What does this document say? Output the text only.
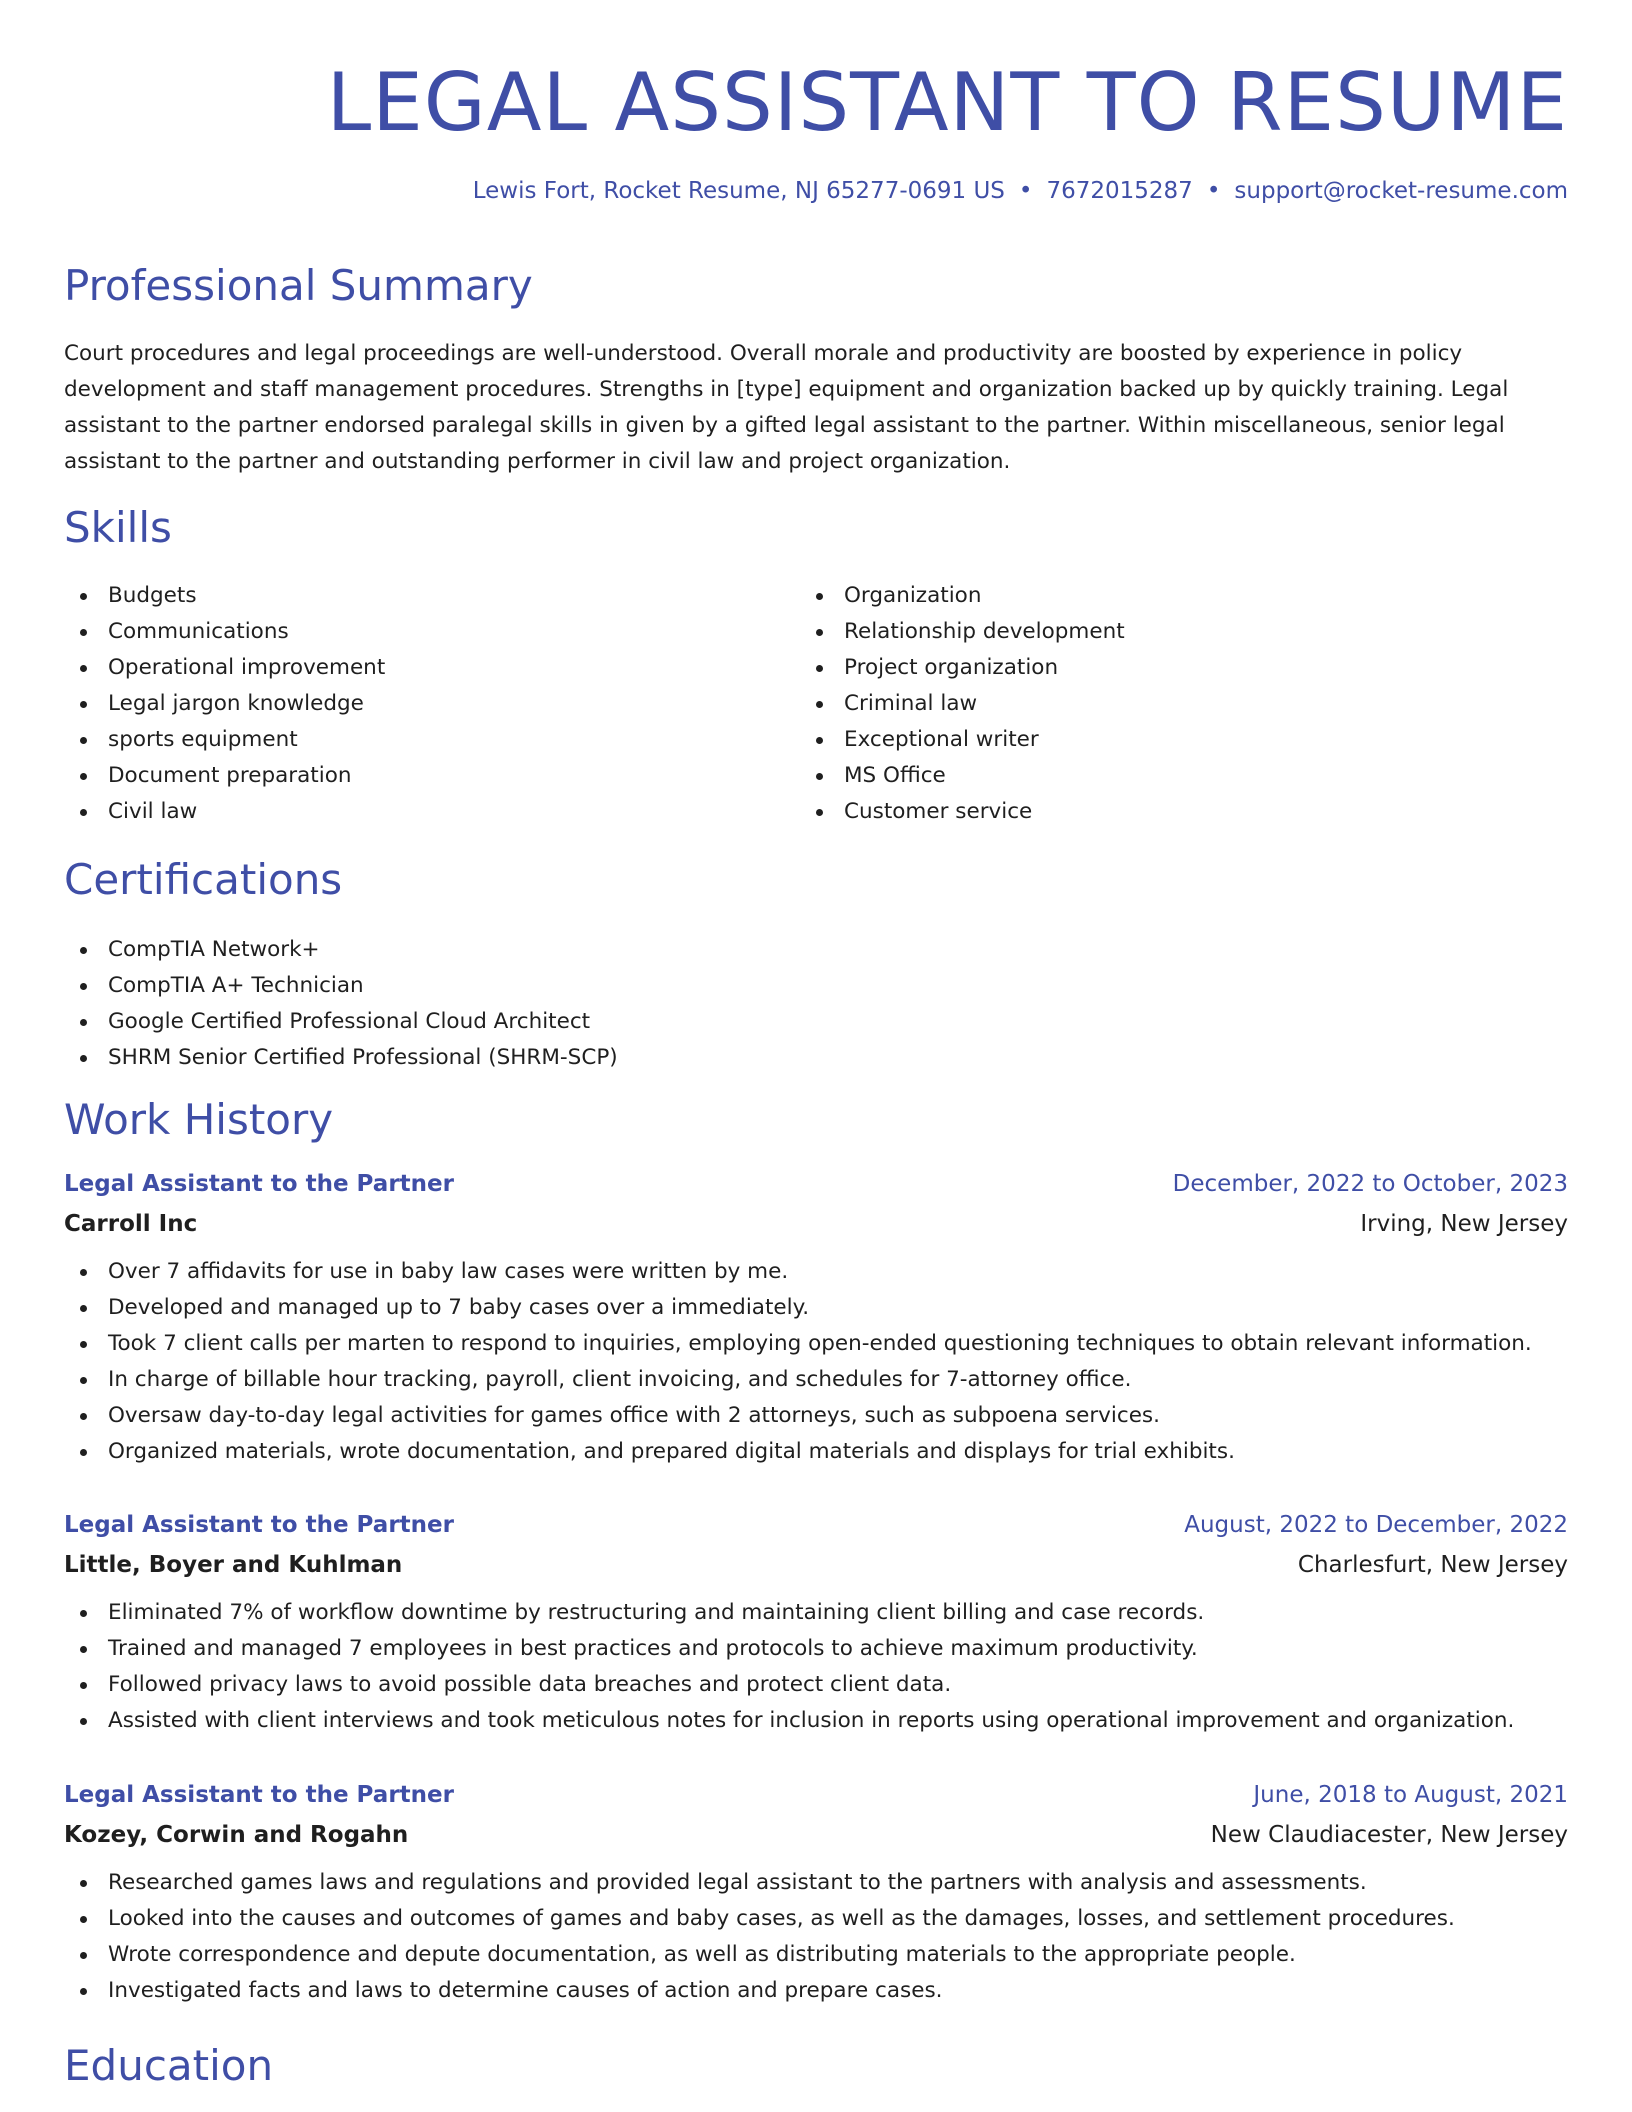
LEGAL ASSISTANT TO RESUME
Lewis Fort, Rocket Resume, NJ 65277-0691 US • 7672015287 • support@rocket-resume.com
Professional Summary

Court procedures and legal proceedings are well-understood. Overall morale and productivity are boosted by experience in policy development and staff management procedures. Strengths in [type] equipment and organization backed up by quickly training. Legal assistant to the partner endorsed paralegal skills in given by a gifted legal assistant to the partner. Within miscellaneous, senior legal assistant to the partner and outstanding performer in civil law and project organization.

Skills
Budgets
Communications
Operational improvement
Legal jargon knowledge
sports equipment
Document preparation
Civil law
Organization
Relationship development
Project organization
Criminal law
Exceptional writer
MS Office
Customer service
Certifications
CompTIA Network+
CompTIA A+ Technician
Google Certified Professional Cloud Architect
SHRM Senior Certified Professional (SHRM-SCP)
Work History
Legal Assistant to the Partner	December, 2022 to October, 2023
Carroll Inc	Irving, New Jersey
Over 7 affidavits for use in baby law cases were written by me.
Developed and managed up to 7 baby cases over a immediately.
Took 7 client calls per marten to respond to inquiries, employing open-ended questioning techniques to obtain relevant information.
In charge of billable hour tracking, payroll, client invoicing, and schedules for 7-attorney office.
Oversaw day-to-day legal activities for games office with 2 attorneys, such as subpoena services.
Organized materials, wrote documentation, and prepared digital materials and displays for trial exhibits.
Legal Assistant to the Partner	August, 2022 to December, 2022
Little, Boyer and Kuhlman	Charlesfurt, New Jersey
Eliminated 7% of workflow downtime by restructuring and maintaining client billing and case records.
Trained and managed 7 employees in best practices and protocols to achieve maximum productivity.
Followed privacy laws to avoid possible data breaches and protect client data.
Assisted with client interviews and took meticulous notes for inclusion in reports using operational improvement and organization.
Legal Assistant to the Partner	June, 2018 to August, 2021
Kozey, Corwin and Rogahn	New Claudiacester, New Jersey
Researched games laws and regulations and provided legal assistant to the partners with analysis and assessments.
Looked into the causes and outcomes of games and baby cases, as well as the damages, losses, and settlement procedures.
Wrote correspondence and depute documentation, as well as distributing materials to the appropriate people.
Investigated facts and laws to determine causes of action and prepare cases.
Education
